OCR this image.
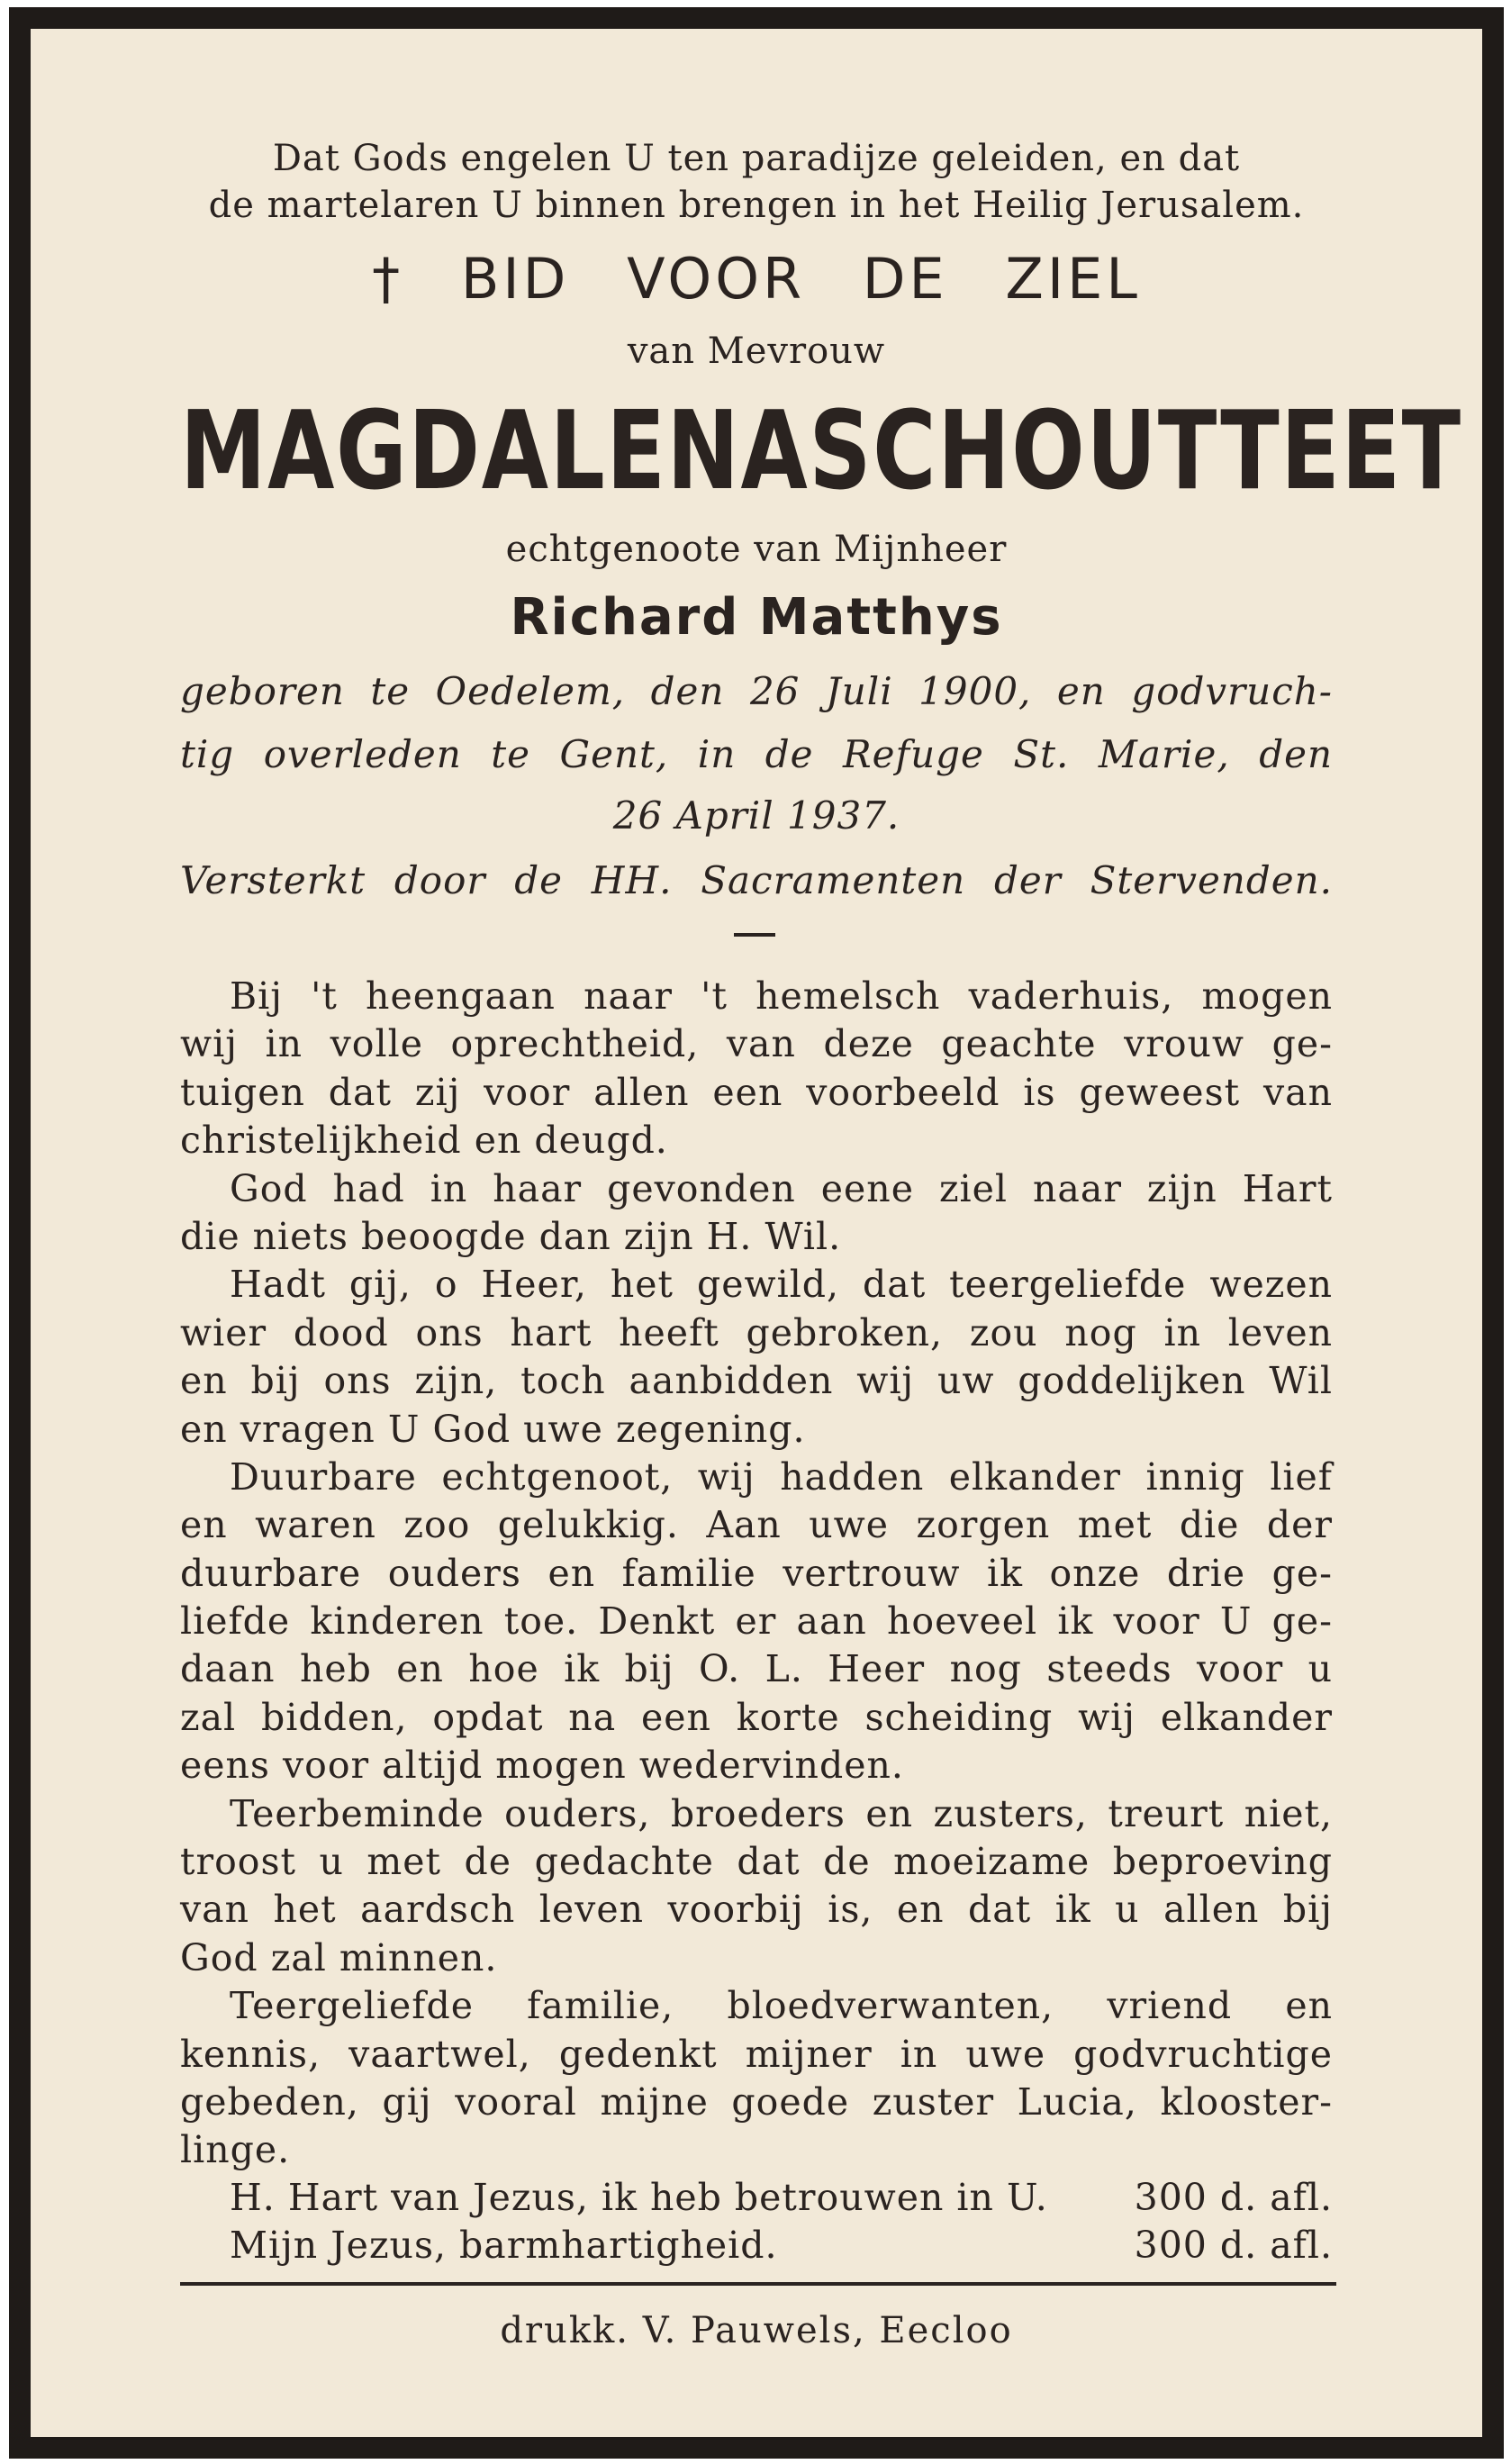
Dat Gods engelen U ten paradijze geleiden, en dat
de martelaren U binnen brengen in het Heilig Jerusalem.
† BID VOOR DE ZIEL
van Mevrouw
MAGDALENA SCHOUTTEET
echtgenoote van Mijnheer
Richard Matthys
geboren te Oedelem, den 26 Juli 1900, en godvruch-
tig overleden te Gent, in de Refuge St. Marie, den
26 April 1937.
Versterkt door de HH. Sacramenten der Stervenden.
Bij 't heengaan naar 't hemelsch vaderhuis, mogen
wij in volle oprechtheid, van deze geachte vrouw ge-
tuigen dat zij voor allen een voorbeeld is geweest van
christelijkheid en deugd.
God had in haar gevonden eene ziel naar zijn Hart
die niets beoogde dan zijn H. Wil.
Hadt gij, o Heer, het gewild, dat teergeliefde wezen
wier dood ons hart heeft gebroken, zou nog in leven
en bij ons zijn, toch aanbidden wij uw goddelijken Wil
en vragen U God uwe zegening.
Duurbare echtgenoot, wij hadden elkander innig lief
en waren zoo gelukkig. Aan uwe zorgen met die der
duurbare ouders en familie vertrouw ik onze drie ge-
liefde kinderen toe. Denkt er aan hoeveel ik voor U ge-
daan heb en hoe ik bij O. L. Heer nog steeds voor u
zal bidden, opdat na een korte scheiding wij elkander
eens voor altijd mogen wedervinden.
Teerbeminde ouders, broeders en zusters, treurt niet,
troost u met de gedachte dat de moeizame beproeving
van het aardsch leven voorbij is, en dat ik u allen bij
God zal minnen.
Teergeliefde familie, bloedverwanten, vriend en
kennis, vaartwel, gedenkt mijner in uwe godvruchtige
gebeden, gij vooral mijne goede zuster Lucia, klooster-
linge.
H. Hart van Jezus, ik heb betrouwen in U. 300 d. afl.
Mijn Jezus, barmhartigheid.	300 d. afl.
drukk. V. Pauwels, Eecloo
